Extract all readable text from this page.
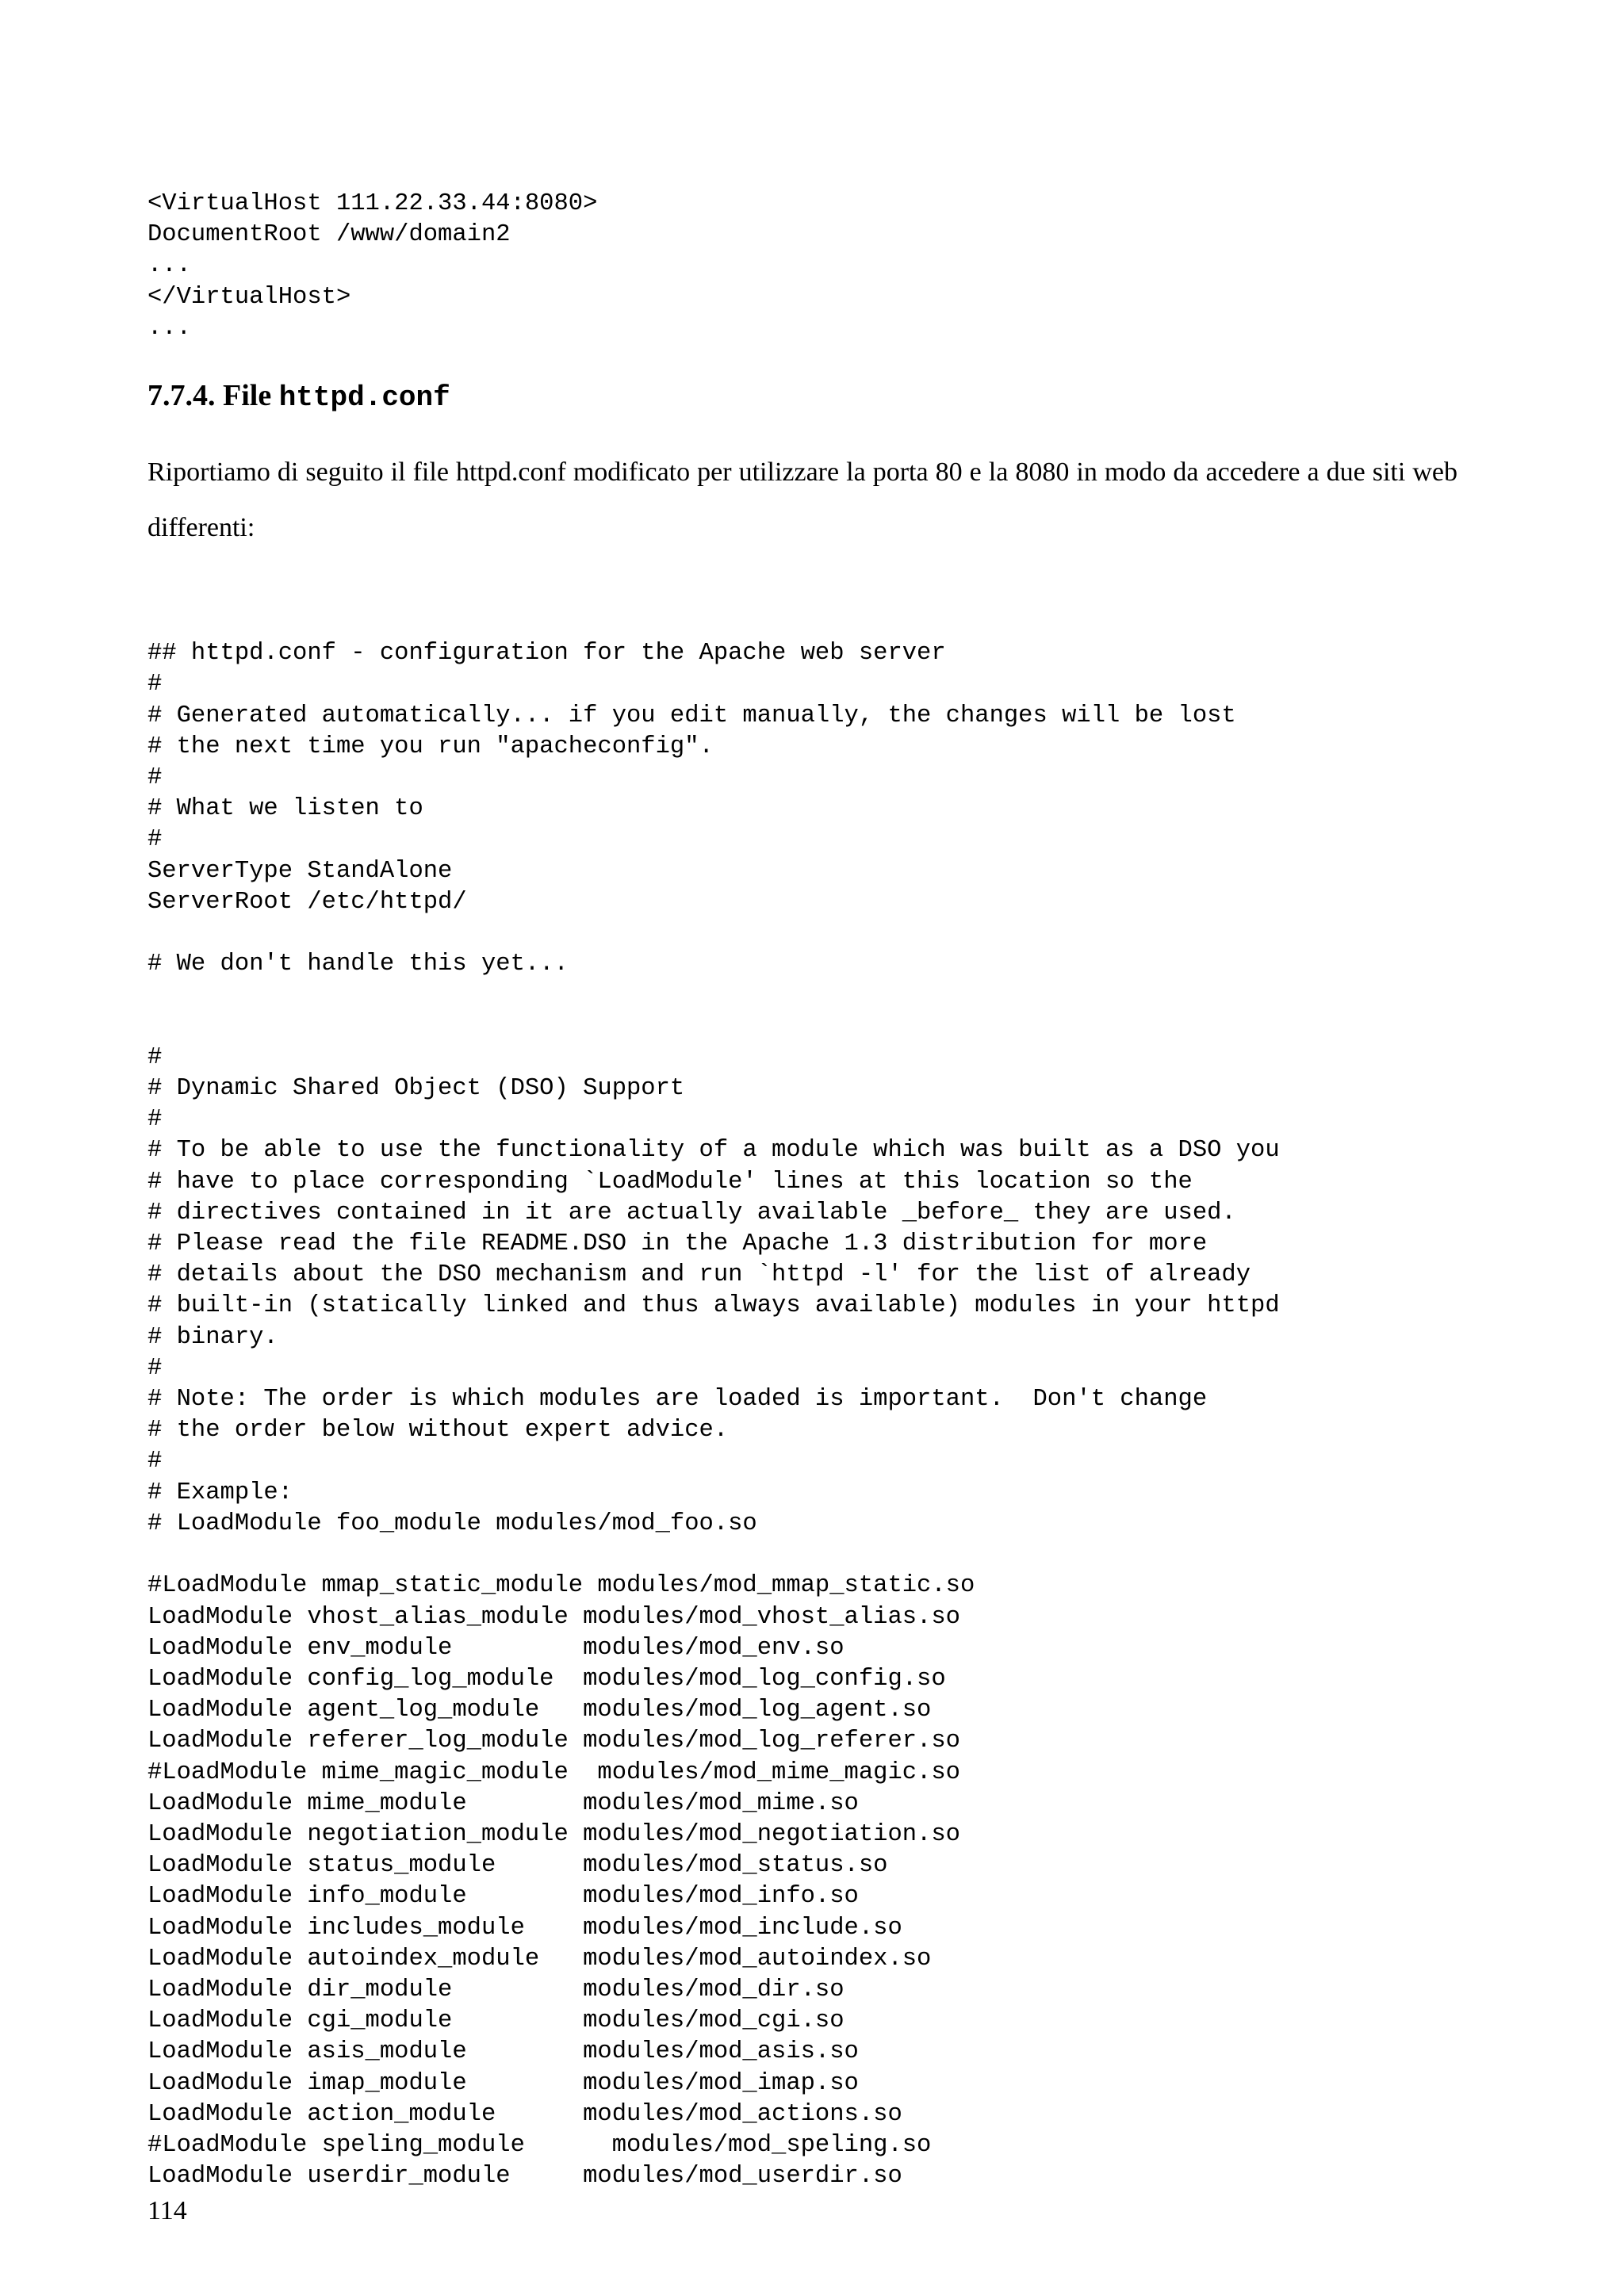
<VirtualHost 111.22.33.44:8080>
DocumentRoot /www/domain2
...
</VirtualHost>
...
7.7.4. File httpd.conf

Riportiamo di seguito il file httpd.conf modificato per utilizzare la porta 80 e la 8080 in modo da accedere a due siti web differenti:

## httpd.conf - configuration for the Apache web server
#
# Generated automatically... if you edit manually, the changes will be lost
# the next time you run "apacheconfig".
#
# What we listen to
#
ServerType StandAlone
ServerRoot /etc/httpd/

# We don't handle this yet...

#
# Dynamic Shared Object (DSO) Support
#
# To be able to use the functionality of a module which was built as a DSO you
# have to place corresponding `LoadModule' lines at this location so the
# directives contained in it are actually available _before_ they are used.
# Please read the file README.DSO in the Apache 1.3 distribution for more
# details about the DSO mechanism and run `httpd -l' for the list of already
# built-in (statically linked and thus always available) modules in your httpd
# binary.
#
# Note: The order is which modules are loaded is important.  Don't change
# the order below without expert advice.
#
# Example:
# LoadModule foo_module modules/mod_foo.so

#LoadModule mmap_static_module modules/mod_mmap_static.so
LoadModule vhost_alias_module modules/mod_vhost_alias.so
LoadModule env_module         modules/mod_env.so
LoadModule config_log_module  modules/mod_log_config.so
LoadModule agent_log_module   modules/mod_log_agent.so
LoadModule referer_log_module modules/mod_log_referer.so
#LoadModule mime_magic_module  modules/mod_mime_magic.so
LoadModule mime_module        modules/mod_mime.so
LoadModule negotiation_module modules/mod_negotiation.so
LoadModule status_module      modules/mod_status.so
LoadModule info_module        modules/mod_info.so
LoadModule includes_module    modules/mod_include.so
LoadModule autoindex_module   modules/mod_autoindex.so
LoadModule dir_module         modules/mod_dir.so
LoadModule cgi_module         modules/mod_cgi.so
LoadModule asis_module        modules/mod_asis.so
LoadModule imap_module        modules/mod_imap.so
LoadModule action_module      modules/mod_actions.so
#LoadModule speling_module      modules/mod_speling.so
LoadModule userdir_module     modules/mod_userdir.so
114
